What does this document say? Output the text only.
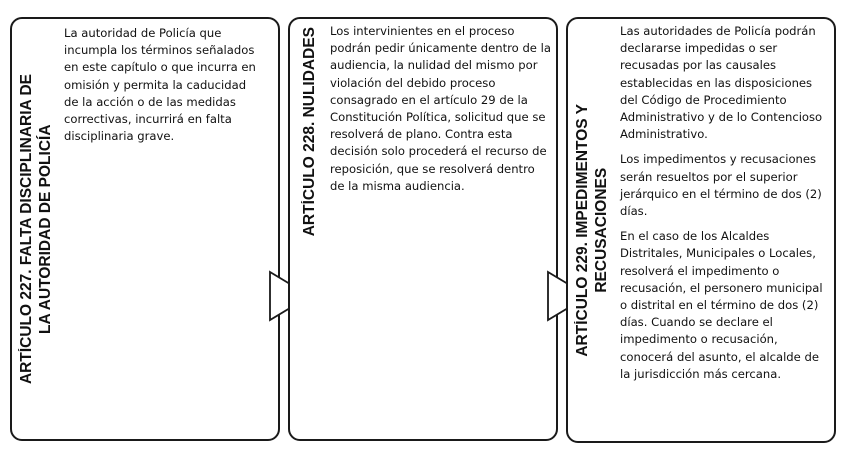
ARTÍCULO 227. FALTA DISCIPLINARIA DE
LA AUTORIDAD DE POLICÍA

La autoridad de Policía que incumpla los términos señalados en este capítulo o que incurra en omisión y permita la caducidad de la acción o de las medidas correctivas, incurrirá en falta disciplinaria grave.	ARTÍCULO 228. NULIDADES Los intervinientes en el proceso podrán pedir únicamente dentro de la audiencia, la nulidad del mismo por violación del debido proceso consagrado en el artículo 29 de la Constitución Política, solicitud que se resolverá de plano. Contra esta decisión solo procederá el recurso de reposición, que se resolverá dentro de la misma audiencia.

ARTÍCULO 229. IMPEDIMENTOS Y
RECUSACIONES

Las autoridades de Policía podrán declararse impedidas o ser recusadas por las causales establecidas en las disposiciones del Código de Procedimiento Administrativo y de lo Contencioso Administrativo.

Los impedimentos y recusaciones serán resueltos por el superior jerárquico en el término de dos (2) días.

En el caso de los Alcaldes Distritales, Municipales o Locales, resolverá el impedimento o recusación, el personero municipal o distrital en el término de dos (2) días. Cuando se declare el impedimento o recusación, conocerá del asunto, el alcalde de la jurisdicción más cercana.
